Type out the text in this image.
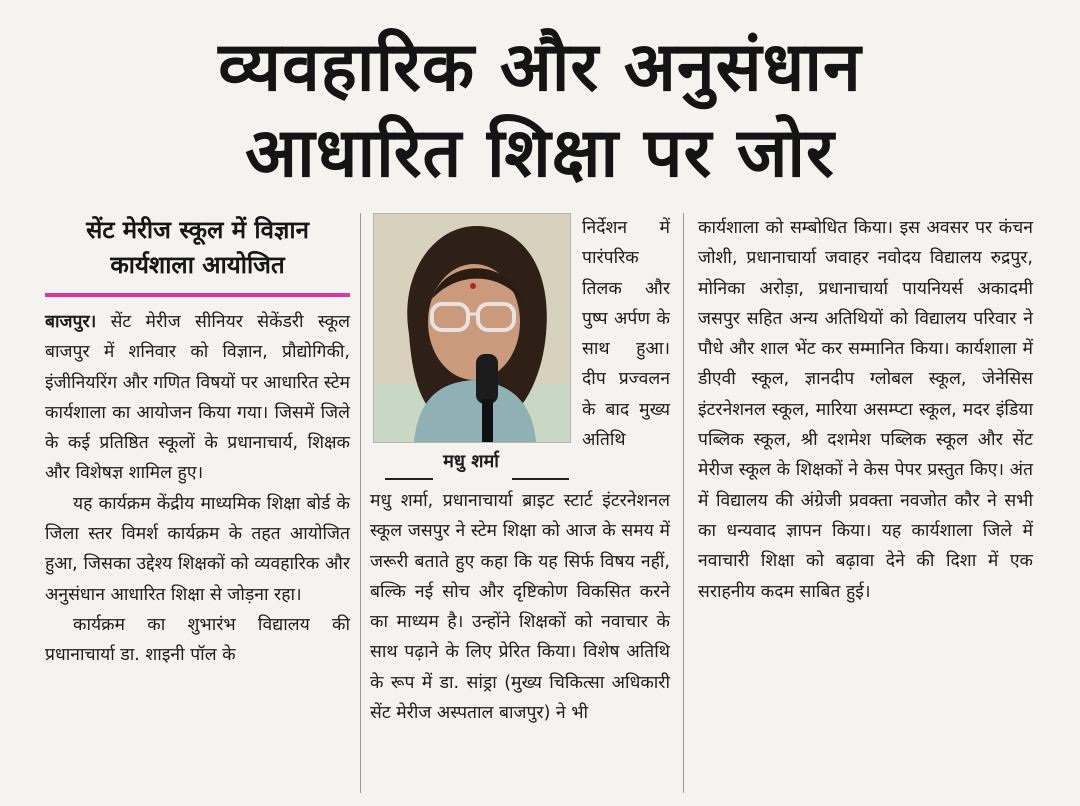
व्यवहारिक और अनुसंधान
आधारित शिक्षा पर जोर
सेंट मेरीज स्कूल में विज्ञान
कार्यशाला आयोजित

बाजपुर। सेंट मेरीज सीनियर सेकेंडरी स्कूल बाजपुर में शनिवार को विज्ञान, प्रौद्योगिकी, इंजीनियरिंग और गणित विषयों पर आधारित स्टेम कार्यशाला का आयोजन किया गया। जिसमें जिले के कई प्रतिष्ठित स्कूलों के प्रधानाचार्य, शिक्षक और विशेषज्ञ शामिल हुए।

यह कार्यक्रम केंद्रीय माध्यमिक शिक्षा बोर्ड के जिला स्तर विमर्श कार्यक्रम के तहत आयोजित हुआ, जिसका उद्देश्य शिक्षकों को व्यवहारिक और अनुसंधान आधारित शिक्षा से जोड़ना रहा।

कार्यक्रम का शुभारंभ विद्यालय की प्रधानाचार्या डा. शाइनी पॉल के

मधु शर्मा
निर्देशन में पारंपरिक तिलक और पुष्प अर्पण के साथ हुआ। दीप प्रज्वलन के बाद मुख्य अतिथि
मधु शर्मा, प्रधानाचार्या ब्राइट स्टार्ट इंटरनेशनल स्कूल जसपुर ने स्टेम शिक्षा को आज के समय में जरूरी बताते हुए कहा कि यह सिर्फ विषय नहीं, बल्कि नई सोच और दृष्टिकोण विकसित करने का माध्यम है। उन्होंने शिक्षकों को नवाचार के साथ पढ़ाने के लिए प्रेरित किया। विशेष अतिथि के रूप में डा. सांड्रा (मुख्य चिकित्सा अधिकारी सेंट मेरीज अस्पताल बाजपुर) ने भी
कार्यशाला को सम्बोधित किया। इस अवसर पर कंचन जोशी, प्रधानाचार्या जवाहर नवोदय विद्यालय रुद्रपुर, मोनिका अरोड़ा, प्रधानाचार्या पायनियर्स अकादमी जसपुर सहित अन्य अतिथियों को विद्यालय परिवार ने पौधे और शाल भेंट कर सम्मानित किया। कार्यशाला में डीएवी स्कूल, ज्ञानदीप ग्लोबल स्कूल, जेनेसिस इंटरनेशनल स्कूल, मारिया असम्प्टा स्कूल, मदर इंडिया पब्लिक स्कूल, श्री दशमेश पब्लिक स्कूल और सेंट मेरीज स्कूल के शिक्षकों ने केस पेपर प्रस्तुत किए। अंत में विद्यालय की अंग्रेजी प्रवक्ता नवजोत कौर ने सभी का धन्यवाद ज्ञापन किया। यह कार्यशाला जिले में नवाचारी शिक्षा को बढ़ावा देने की दिशा में एक सराहनीय कदम साबित हुई।
